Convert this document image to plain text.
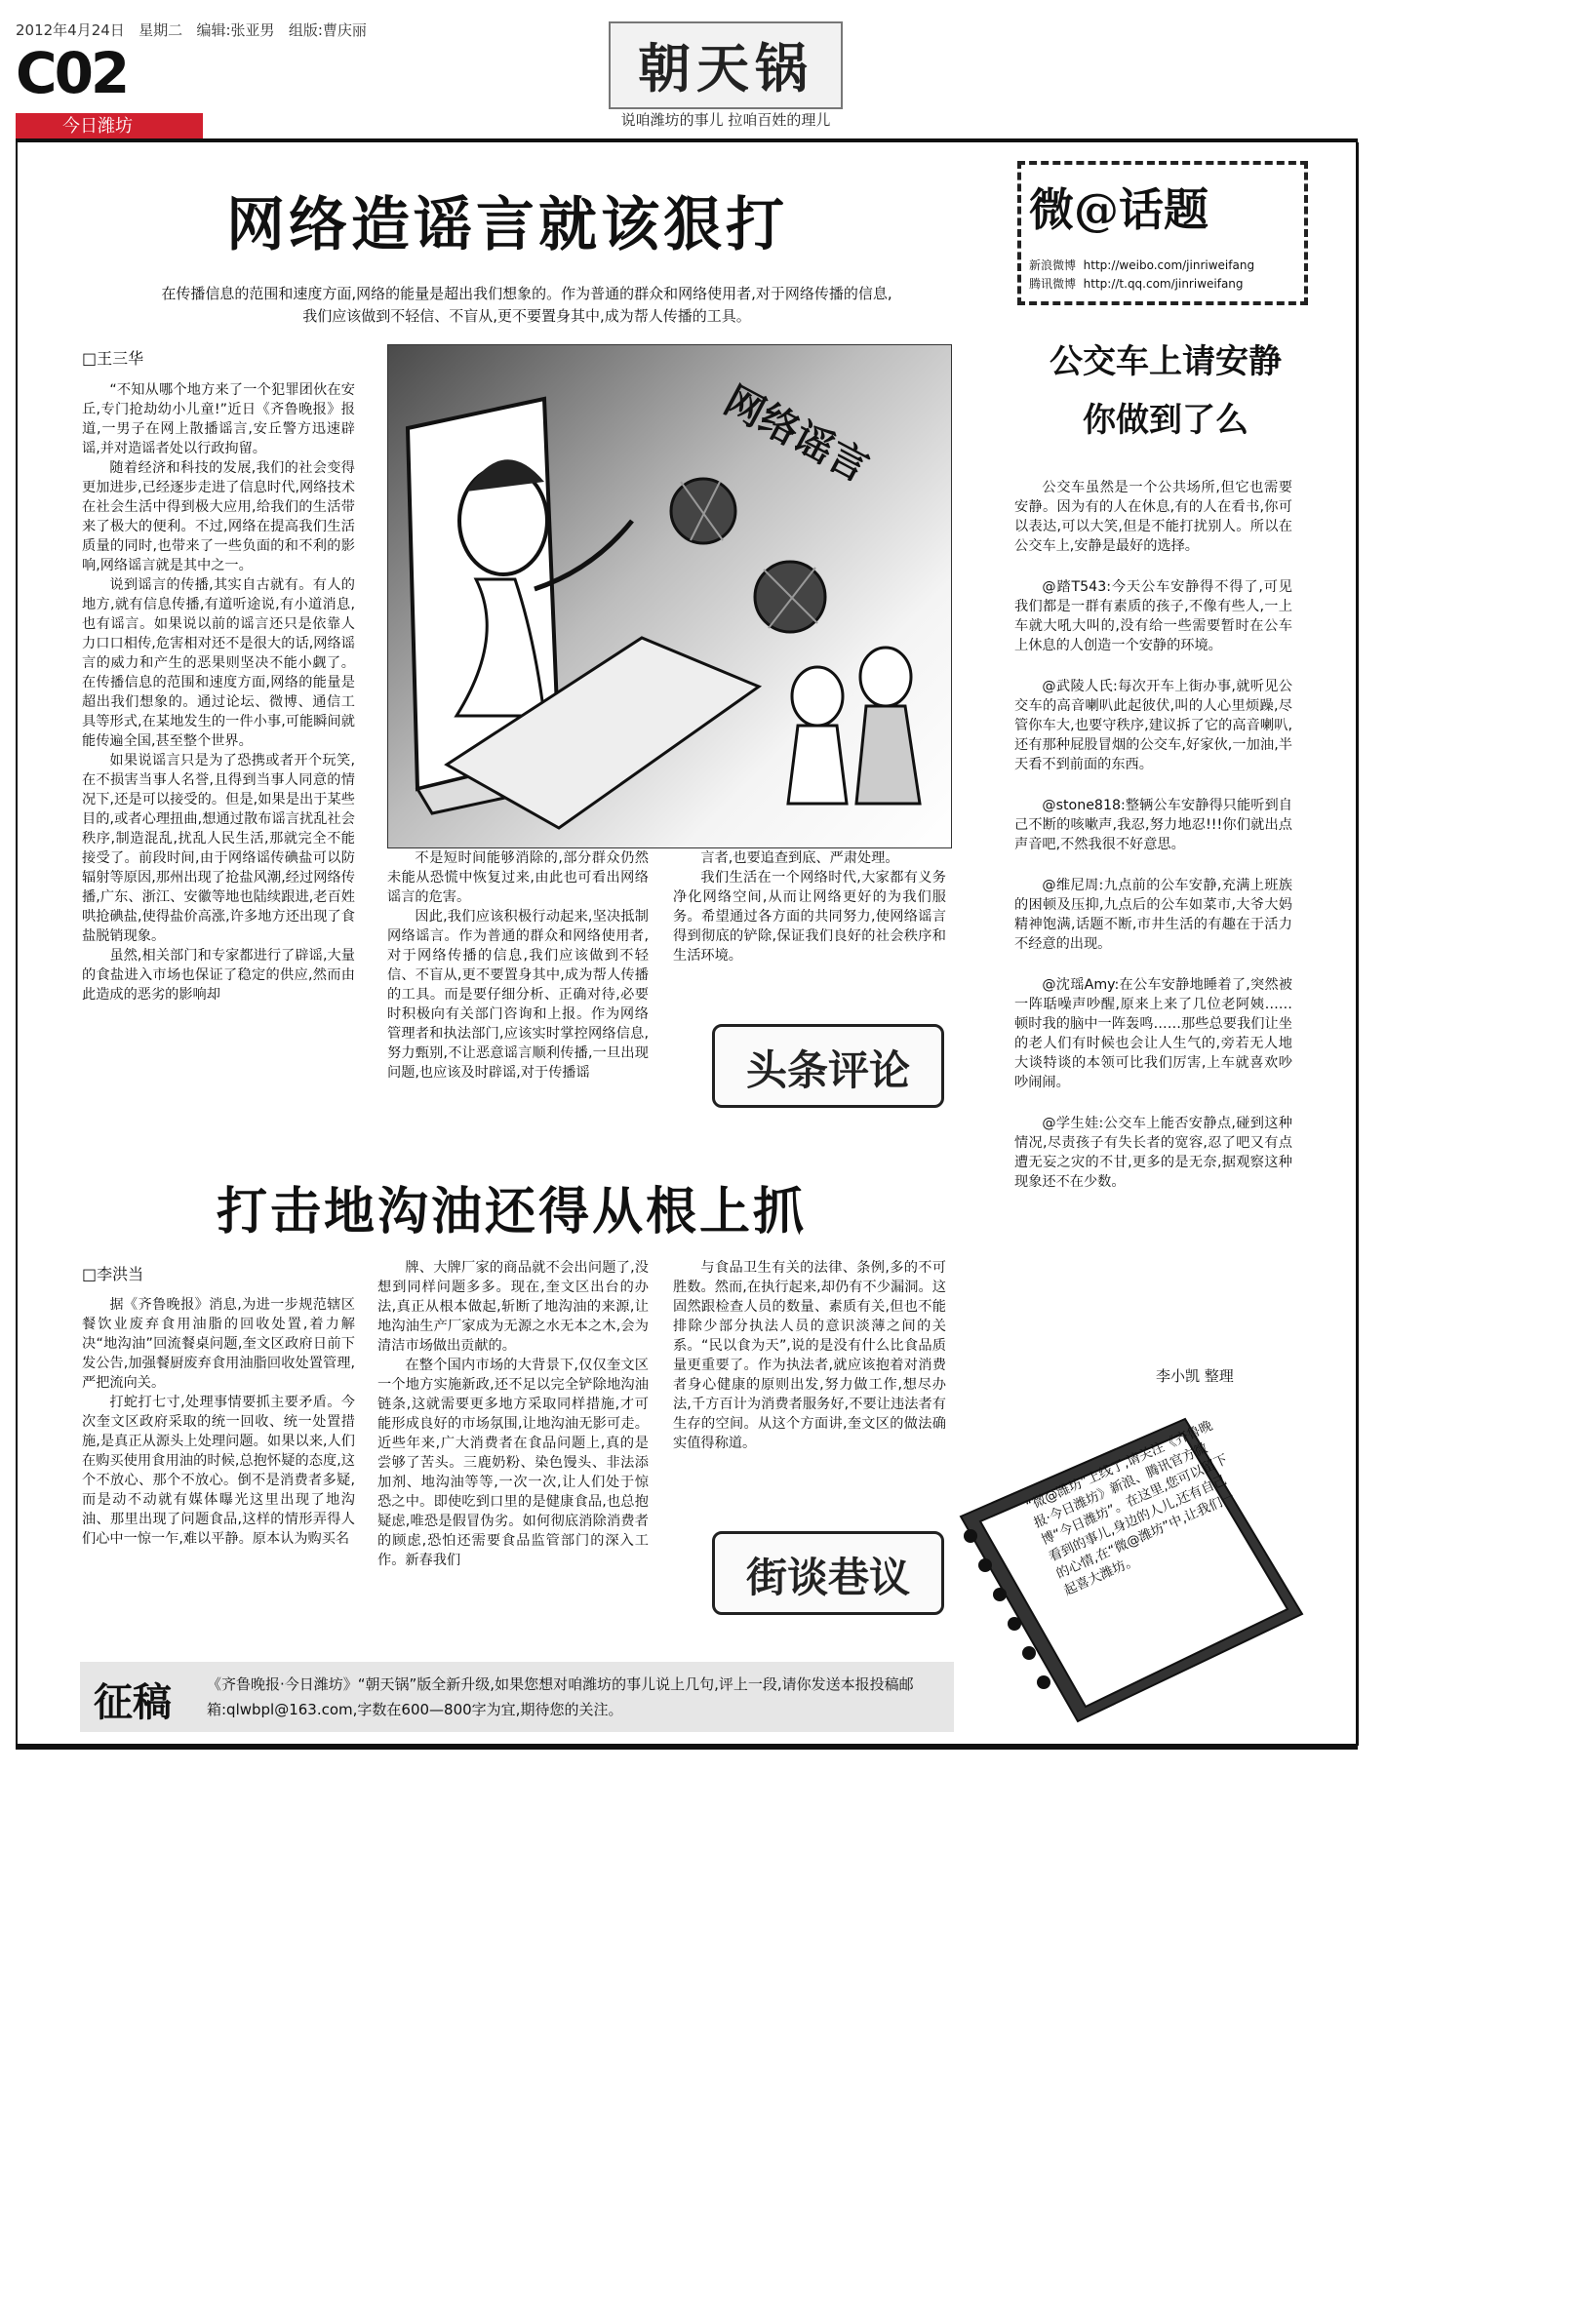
2012年4月24日 星期二 编辑:张亚男 组版:曹庆丽
C02
今日潍坊
朝天锅
说咱潍坊的事儿 拉咱百姓的理儿
网络造谣言就该狠打
在传播信息的范围和速度方面,网络的能量是超出我们想象的。作为普通的群众和网络使用者,对于网络传播的信息,我们应该做到不轻信、不盲从,更不要置身其中,成为帮人传播的工具。
□王三华

“不知从哪个地方来了一个犯罪团伙在安丘,专门抢劫幼小儿童!”近日《齐鲁晚报》报道,一男子在网上散播谣言,安丘警方迅速辟谣,并对造谣者处以行政拘留。

随着经济和科技的发展,我们的社会变得更加进步,已经逐步走进了信息时代,网络技术在社会生活中得到极大应用,给我们的生活带来了极大的便利。不过,网络在提高我们生活质量的同时,也带来了一些负面的和不利的影响,网络谣言就是其中之一。

说到谣言的传播,其实自古就有。有人的地方,就有信息传播,有道听途说,有小道消息,也有谣言。如果说以前的谣言还只是依靠人力口口相传,危害相对还不是很大的话,网络谣言的威力和产生的恶果则坚决不能小觑了。在传播信息的范围和速度方面,网络的能量是超出我们想象的。通过论坛、微博、通信工具等形式,在某地发生的一件小事,可能瞬间就能传遍全国,甚至整个世界。

如果说谣言只是为了恐携或者开个玩笑,在不损害当事人名誉,且得到当事人同意的情况下,还是可以接受的。但是,如果是出于某些目的,或者心理扭曲,想通过散布谣言扰乱社会秩序,制造混乱,扰乱人民生活,那就完全不能接受了。前段时间,由于网络谣传碘盐可以防辐射等原因,那州出现了抢盐风潮,经过网络传播,广东、浙江、安徽等地也陆续跟进,老百姓哄抢碘盐,使得盐价高涨,许多地方还出现了食盐脱销现象。

虽然,相关部门和专家都进行了辟谣,大量的食盐进入市场也保证了稳定的供应,然而由此造成的恶劣的影响却

网络谣言

不是短时间能够消除的,部分群众仍然未能从恐慌中恢复过来,由此也可看出网络谣言的危害。

因此,我们应该积极行动起来,坚决抵制网络谣言。作为普通的群众和网络使用者,对于网络传播的信息,我们应该做到不轻信、不盲从,更不要置身其中,成为帮人传播的工具。而是要仔细分析、正确对待,必要时积极向有关部门咨询和上报。作为网络管理者和执法部门,应该实时掌控网络信息,努力甄别,不让恶意谣言顺利传播,一旦出现问题,也应该及时辟谣,对于传播谣

言者,也要追查到底、严肃处理。

我们生活在一个网络时代,大家都有义务净化网络空间,从而让网络更好的为我们服务。希望通过各方面的共同努力,使网络谣言得到彻底的铲除,保证我们良好的社会秩序和生活环境。

头条评论
打击地沟油还得从根上抓
□李洪当

据《齐鲁晚报》消息,为进一步规范辖区餐饮业废弃食用油脂的回收处置,着力解决“地沟油”回流餐桌问题,奎文区政府日前下发公告,加强餐厨废弃食用油脂回收处置管理,严把流向关。

打蛇打七寸,处理事情要抓主要矛盾。今次奎文区政府采取的统一回收、统一处置措施,是真正从源头上处理问题。如果以来,人们在购买使用食用油的时候,总抱怀疑的态度,这个不放心、那个不放心。倒不是消费者多疑,而是动不动就有媒体曝光这里出现了地沟油、那里出现了问题食品,这样的情形弄得人们心中一惊一乍,难以平静。原本认为购买名

牌、大牌厂家的商品就不会出问题了,没想到同样问题多多。现在,奎文区出台的办法,真正从根本做起,斩断了地沟油的来源,让地沟油生产厂家成为无源之水无本之木,会为清洁市场做出贡献的。

在整个国内市场的大背景下,仅仅奎文区一个地方实施新政,还不足以完全铲除地沟油链条,这就需要更多地方采取同样措施,才可能形成良好的市场氛围,让地沟油无影可走。近些年来,广大消费者在食品问题上,真的是尝够了苦头。三鹿奶粉、染色馒头、非法添加剂、地沟油等等,一次一次,让人们处于惊恐之中。即使吃到口里的是健康食品,也总抱疑虑,唯恐是假冒伪劣。如何彻底消除消费者的顾虑,恐怕还需要食品监管部门的深入工作。新春我们

与食品卫生有关的法律、条例,多的不可胜数。然而,在执行起来,却仍有不少漏洞。这固然跟检查人员的数量、素质有关,但也不能排除少部分执法人员的意识淡薄之间的关系。“民以食为天”,说的是没有什么比食品质量更重要了。作为执法者,就应该抱着对消费者身心健康的原则出发,努力做工作,想尽办法,千方百计为消费者服务好,不要让违法者有生存的空间。从这个方面讲,奎文区的做法确实值得称道。

街谈巷议
微@话题
新浪微博 http://weibo.com/jinriweifang
腾讯微博 http://t.qq.com/jinriweifang
公交车上请安静
你做到了么

公交车虽然是一个公共场所,但它也需要安静。因为有的人在休息,有的人在看书,你可以表达,可以大笑,但是不能打扰别人。所以在公交车上,安静是最好的选择。

@踏T543:今天公车安静得不得了,可见我们都是一群有素质的孩子,不像有些人,一上车就大吼大叫的,没有给一些需要暂时在公车上休息的人创造一个安静的环境。

@武陵人氏:每次开车上街办事,就听见公交车的高音喇叭此起彼伏,叫的人心里烦躁,尽管你车大,也要守秩序,建议拆了它的高音喇叭,还有那种屁股冒烟的公交车,好家伙,一加油,半天看不到前面的东西。

@stone818:整辆公车安静得只能听到自己不断的咳嗽声,我忍,努力地忍!!!你们就出点声音吧,不然我很不好意思。

@维尼周:九点前的公车安静,充满上班族的困顿及压抑,九点后的公车如菜市,大爷大妈精神饱满,话题不断,市井生活的有趣在于活力不经意的出现。

@沈瑶Amy:在公车安静地睡着了,突然被一阵聒噪声吵醒,原来上来了几位老阿姨……顿时我的脑中一阵轰鸣……那些总要我们让坐的老人们有时候也会让人生气的,旁若无人地大谈特谈的本领可比我们厉害,上车就喜欢吵吵闹闹。

@学生娃:公交车上能否安静点,碰到这种情况,尽责孩子有失长者的宽容,忍了吧又有点遭无妄之灾的不甘,更多的是无奈,据观察这种现象还不在少数。

李小凯 整理
“微@潍坊”上线了,请关注《齐鲁晚报·今日潍坊》新浪、腾讯官方微博“今日潍坊”。在这里,您可以留下看到的事儿,身边的人儿,还有自己的心情,在“微@潍坊”中,让我们一起喜大潍坊。
征稿 《齐鲁晚报·今日潍坊》“朝天锅”版全新升级,如果您想对咱潍坊的事儿说上几句,评上一段,请你发送本报投稿邮箱:qlwbpl@163.com,字数在600—800字为宜,期待您的关注。
